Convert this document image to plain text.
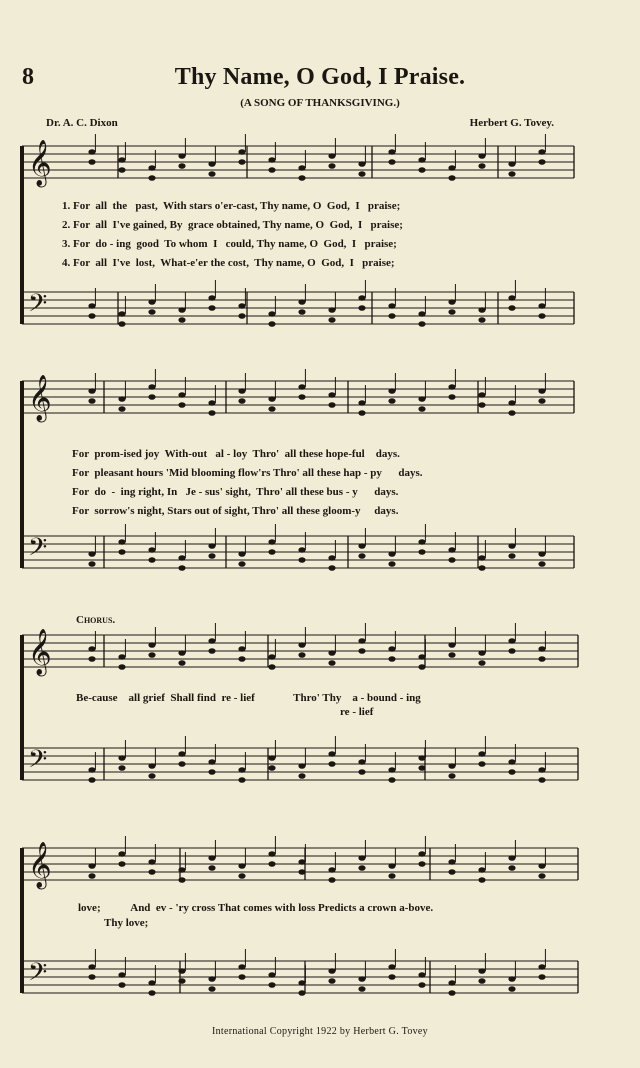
8	Thy Name, O God, I Praise.
(A SONG OF THANKSGIVING.)
Dr. A. C. Dixon	Herbert G. Tovey.
𝄞
𝄢
𝄞
𝄢
𝄞
𝄢
𝄞
𝄢
1. For  all  the   past,  With stars o'er-cast, Thy name, O  God,  I   praise;
2. For  all  I've gained, By  grace obtained, Thy name, O  God,  I   praise;
3. For  do - ing  good  To whom  I   could, Thy name, O  God,  I   praise;
4. For  all  I've  lost,  What-e'er the cost,  Thy name, O  God,  I   praise;
For  prom-ised joy  With-out   al - loy  Thro'  all these hope-ful    days.
For  pleasant hours 'Mid blooming flow'rs Thro' all these hap - py      days.
For  do  -  ing right, In   Je - sus' sight,  Thro' all these bus - y      days.
For  sorrow's night, Stars out of sight, Thro' all these gloom-y     days.
Chorus.
Be-cause    all grief  Shall find  re - lief              Thro' Thy    a - bound - ing
re - lief
love;           And  ev - 'ry cross That comes with loss Predicts a crown a-bove.
Thy love;
International Copyright 1922 by Herbert G. Tovey
